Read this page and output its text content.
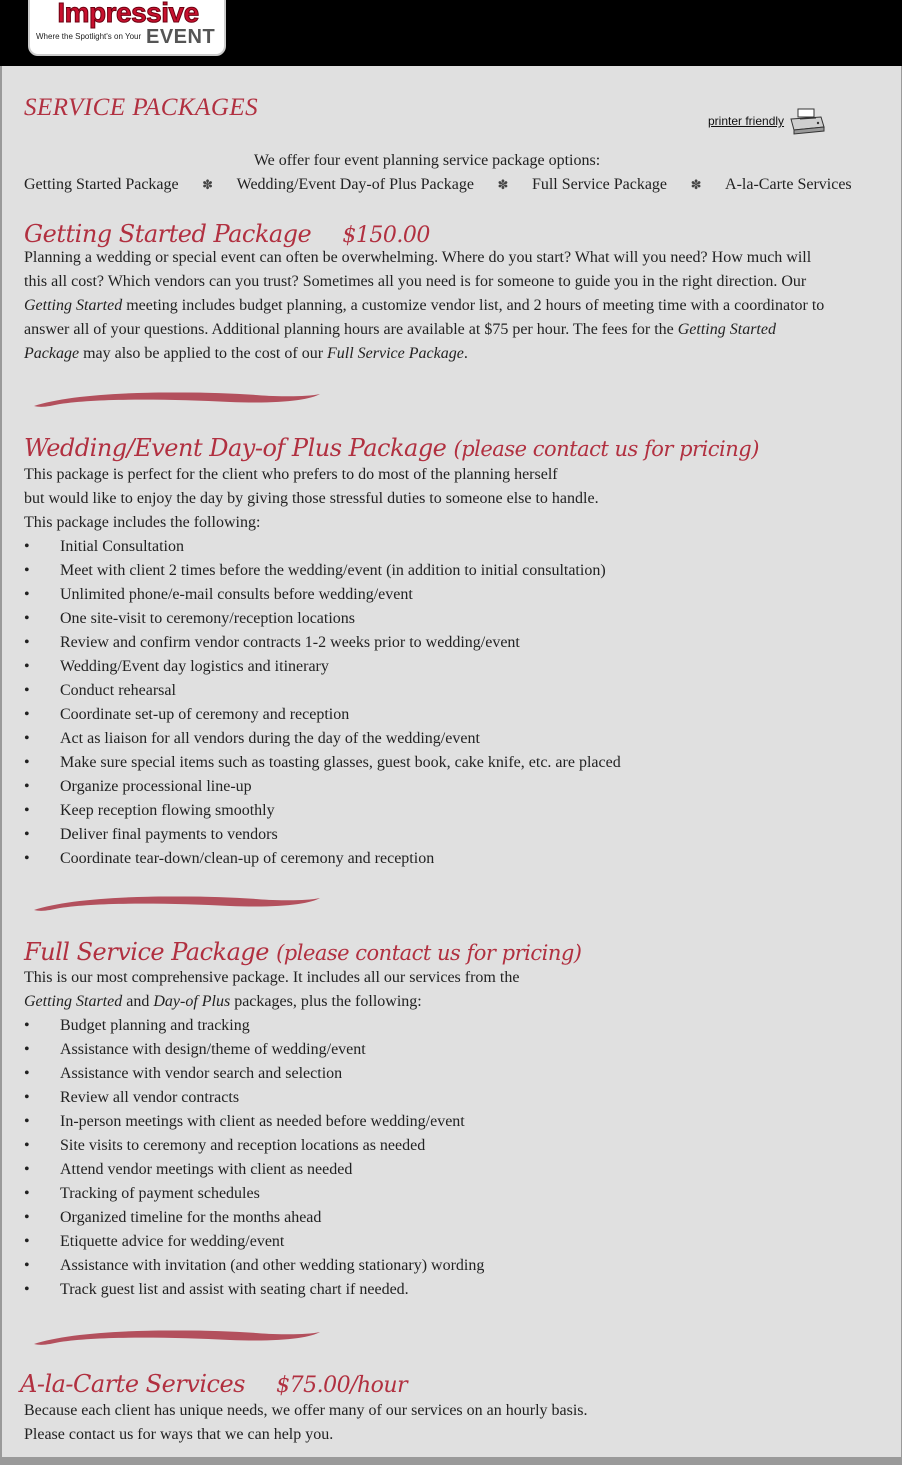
Impressive
Where the Spotlight's on Your EVENT
SERVICE PACKAGES	printer friendly
We offer four event planning service package options:
Getting Started Package	✽	Wedding/Event Day-of Plus Package	✽	Full Service Package	✽	A-la-Carte Services
Getting Started Package $150.00

Planning a wedding or special event can often be overwhelming. Where do you start? What will you need? How much will this all cost? Which vendors can you trust? Sometimes all you need is for someone to guide you in the right direction. Our Getting Started meeting includes budget planning, a customize vendor list, and 2 hours of meeting time with a coordinator to answer all of your questions. Additional planning hours are available at $75 per hour. The fees for the Getting Started Package may also be applied to the cost of our Full Service Package.

Wedding/Event Day-of Plus Package (please contact us for pricing)
This package is perfect for the client who prefers to do most of the planning herself
but would like to enjoy the day by giving those stressful duties to someone else to handle.
This package includes the following:
• Initial Consultation
• Meet with client 2 times before the wedding/event (in addition to initial consultation)
• Unlimited phone/e-mail consults before wedding/event
• One site-visit to ceremony/reception locations
• Review and confirm vendor contracts 1-2 weeks prior to wedding/event
• Wedding/Event day logistics and itinerary
• Conduct rehearsal
• Coordinate set-up of ceremony and reception
• Act as liaison for all vendors during the day of the wedding/event
• Make sure special items such as toasting glasses, guest book, cake knife, etc. are placed
• Organize processional line-up
• Keep reception flowing smoothly
• Deliver final payments to vendors
• Coordinate tear-down/clean-up of ceremony and reception
Full Service Package (please contact us for pricing)
This is our most comprehensive package. It includes all our services from the
Getting Started and Day-of Plus packages, plus the following:
• Budget planning and tracking
• Assistance with design/theme of wedding/event
• Assistance with vendor search and selection
• Review all vendor contracts
• In-person meetings with client as needed before wedding/event
• Site visits to ceremony and reception locations as needed
• Attend vendor meetings with client as needed
• Tracking of payment schedules
• Organized timeline for the months ahead
• Etiquette advice for wedding/event
• Assistance with invitation (and other wedding stationary) wording
• Track guest list and assist with seating chart if needed.
A-la-Carte Services $75.00/hour
Because each client has unique needs, we offer many of our services on an hourly basis.
Please contact us for ways that we can help you.
